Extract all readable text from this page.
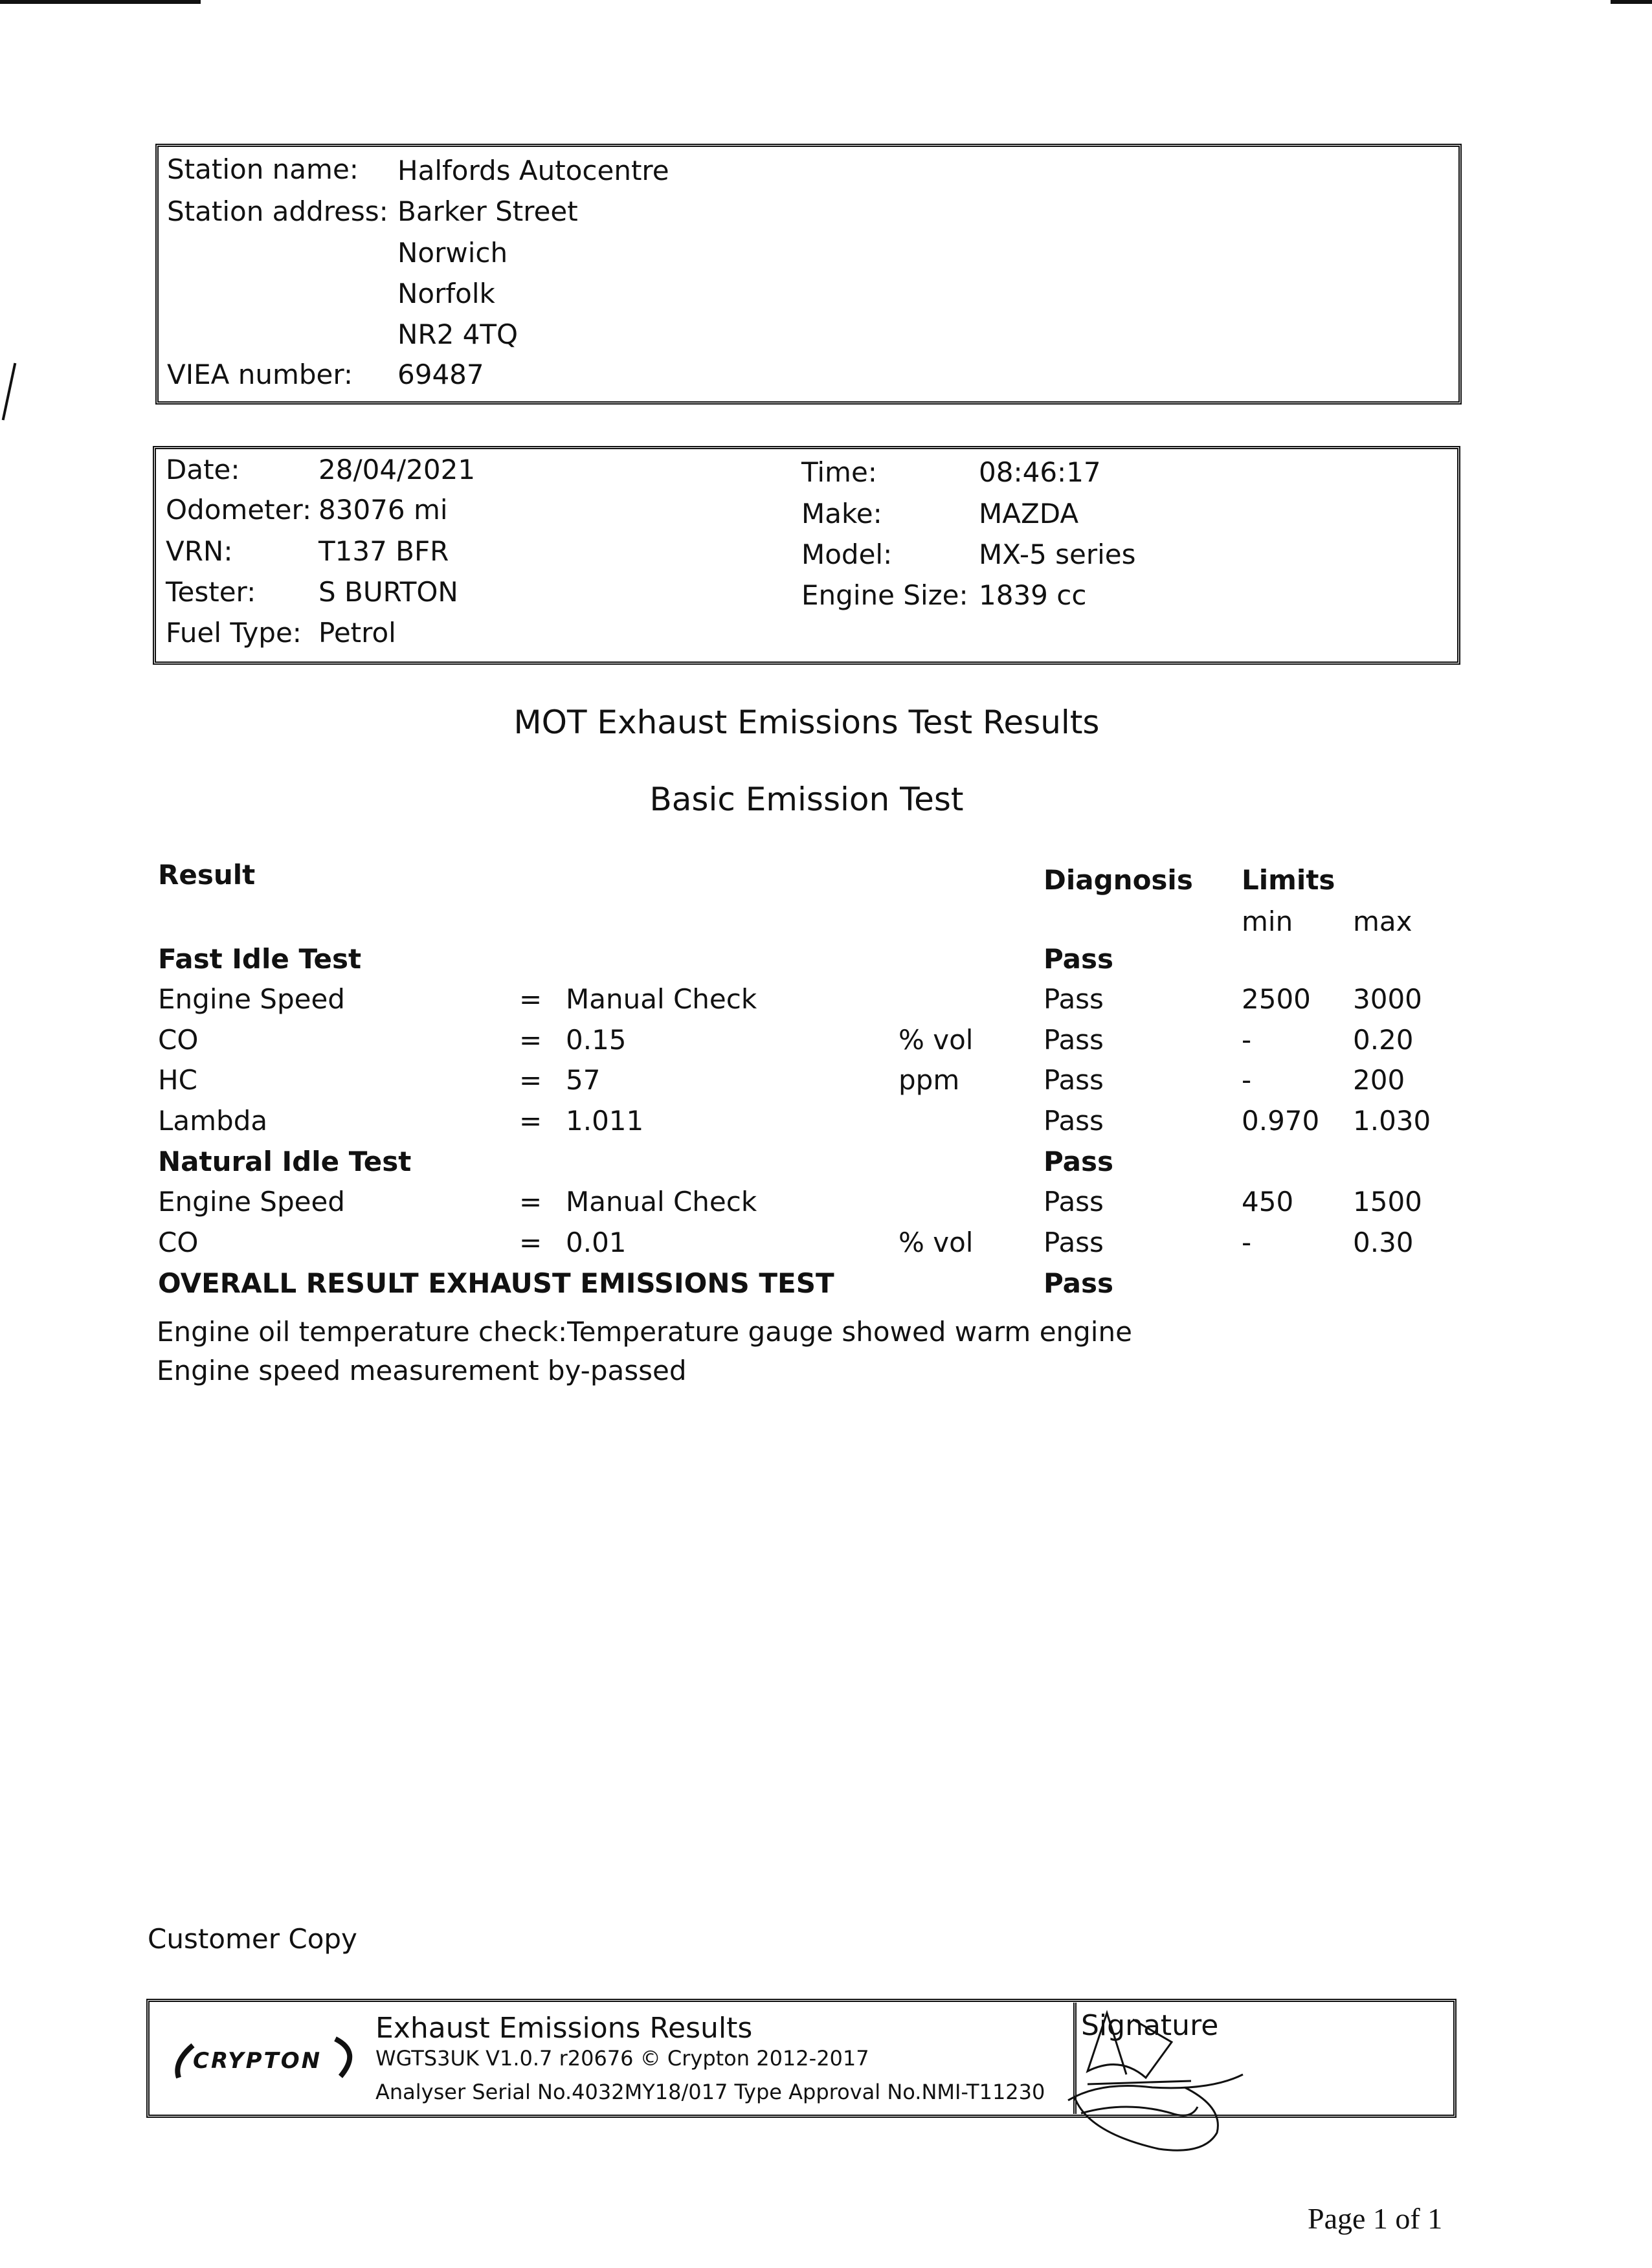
Station name: Halfords Autocentre
Station address: Barker Street
Norwich
Norfolk
NR2 4TQ
VIEA number: 69487
Date:	28/04/2021
Odometer: 83076 mi
VRN:	T137 BFR
Tester: S BURTON
Fuel Type: Petrol
Time:	08:46:17
Make:	MAZDA
Model:	MX-5 series
Engine Size: 1839 cc
MOT Exhaust Emissions Test Results
Basic Emission Test
Result	Diagnosis Limits
min max
Fast Idle Test	Pass
Engine Speed	= Manual Check	Pass	2500 3000
CO	= 0.15	% vol	Pass	-	0.20
HC	= 57	ppm	Pass	-	200
Lambda	= 1.011	Pass	0.970 1.030
Natural Idle Test	Pass
Engine Speed	= Manual Check	Pass	450 1500
CO	= 0.01	% vol	Pass	-	0.30
OVERALL RESULT EXHAUST EMISSIONS TEST	Pass
Engine oil temperature check:Temperature gauge showed warm engine
Engine speed measurement by-passed
Customer Copy
CRYPTON
Exhaust Emissions Results
WGTS3UK V1.0.7 r20676 © Crypton 2012-2017
Analyser Serial No.4032MY18/017 Type Approval No.NMI-T11230
Signature
Page 1 of 1
